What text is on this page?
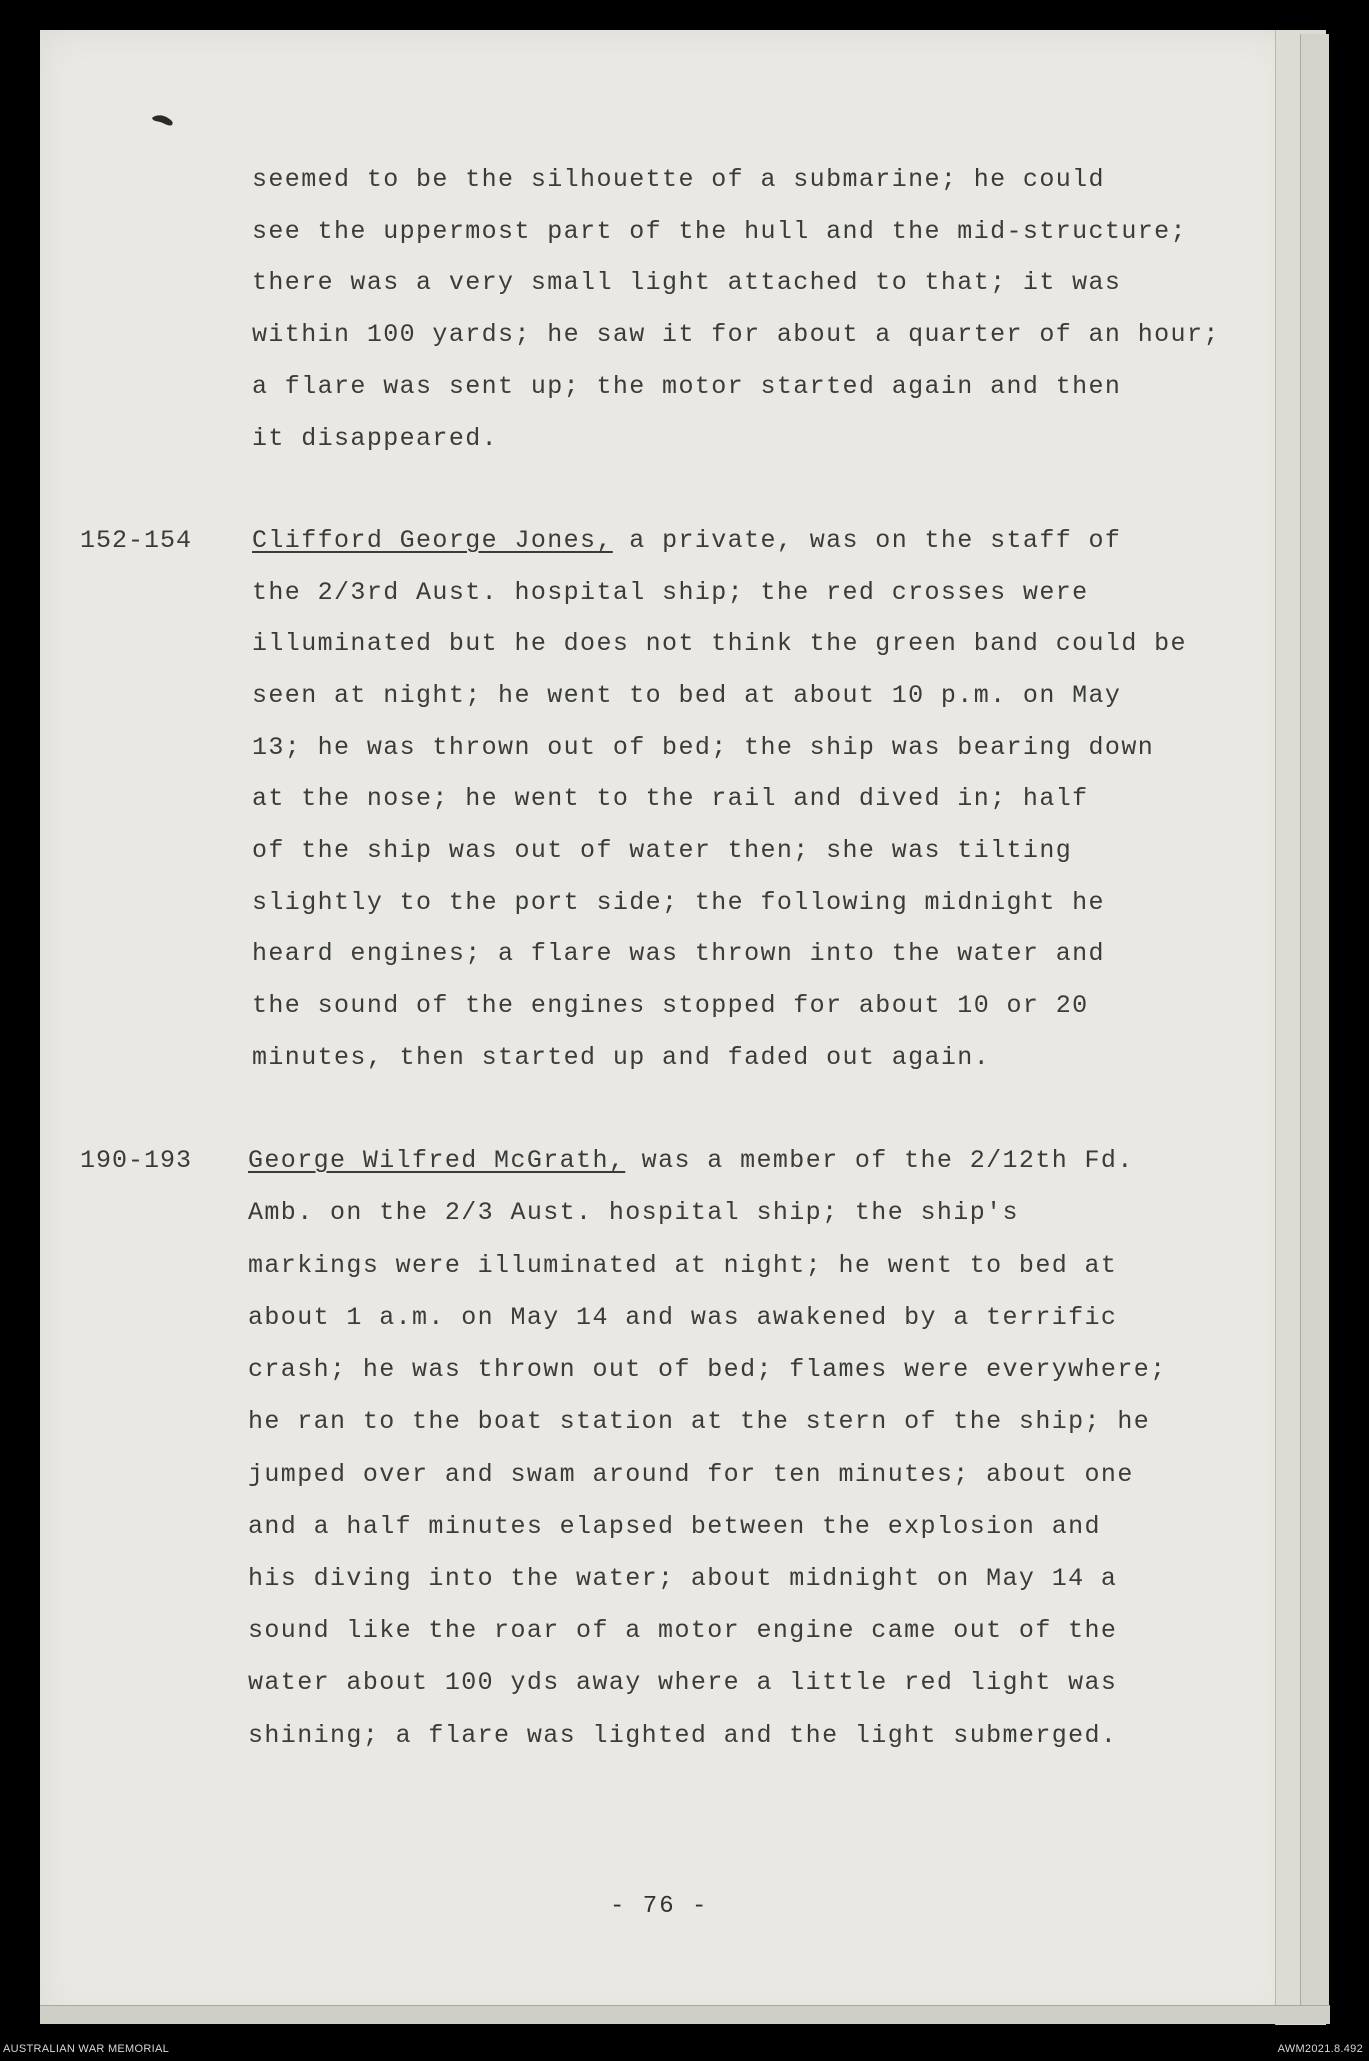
seemed to be the silhouette of a submarine; he could
see the uppermost part of the hull and the mid-structure;
there was a very small light attached to that; it was
within 100 yards; he saw it for about a quarter of an hour;
a flare was sent up; the motor started again and then
it disappeared.
152-154 Clifford George Jones, a private, was on the staff of
the 2/3rd Aust. hospital ship; the red crosses were
illuminated but he does not think the green band could be
seen at night; he went to bed at about 10 p.m. on May
13; he was thrown out of bed; the ship was bearing down
at the nose; he went to the rail and dived in; half
of the ship was out of water then; she was tilting
slightly to the port side; the following midnight he
heard engines; a flare was thrown into the water and
the sound of the engines stopped for about 10 or 20
minutes, then started up and faded out again.
190-193 George Wilfred McGrath, was a member of the 2/12th Fd.
Amb. on the 2/3 Aust. hospital ship; the ship's
markings were illuminated at night; he went to bed at
about 1 a.m. on May 14 and was awakened by a terrific
crash; he was thrown out of bed; flames were everywhere;
he ran to the boat station at the stern of the ship; he
jumped over and swam around for ten minutes; about one
and a half minutes elapsed between the explosion and
his diving into the water; about midnight on May 14 a
sound like the roar of a motor engine came out of the
water about 100 yds away where a little red light was
shining; a flare was lighted and the light submerged.
- 76 -
AUSTRALIAN WAR MEMORIAL	AWM2021.8.492
